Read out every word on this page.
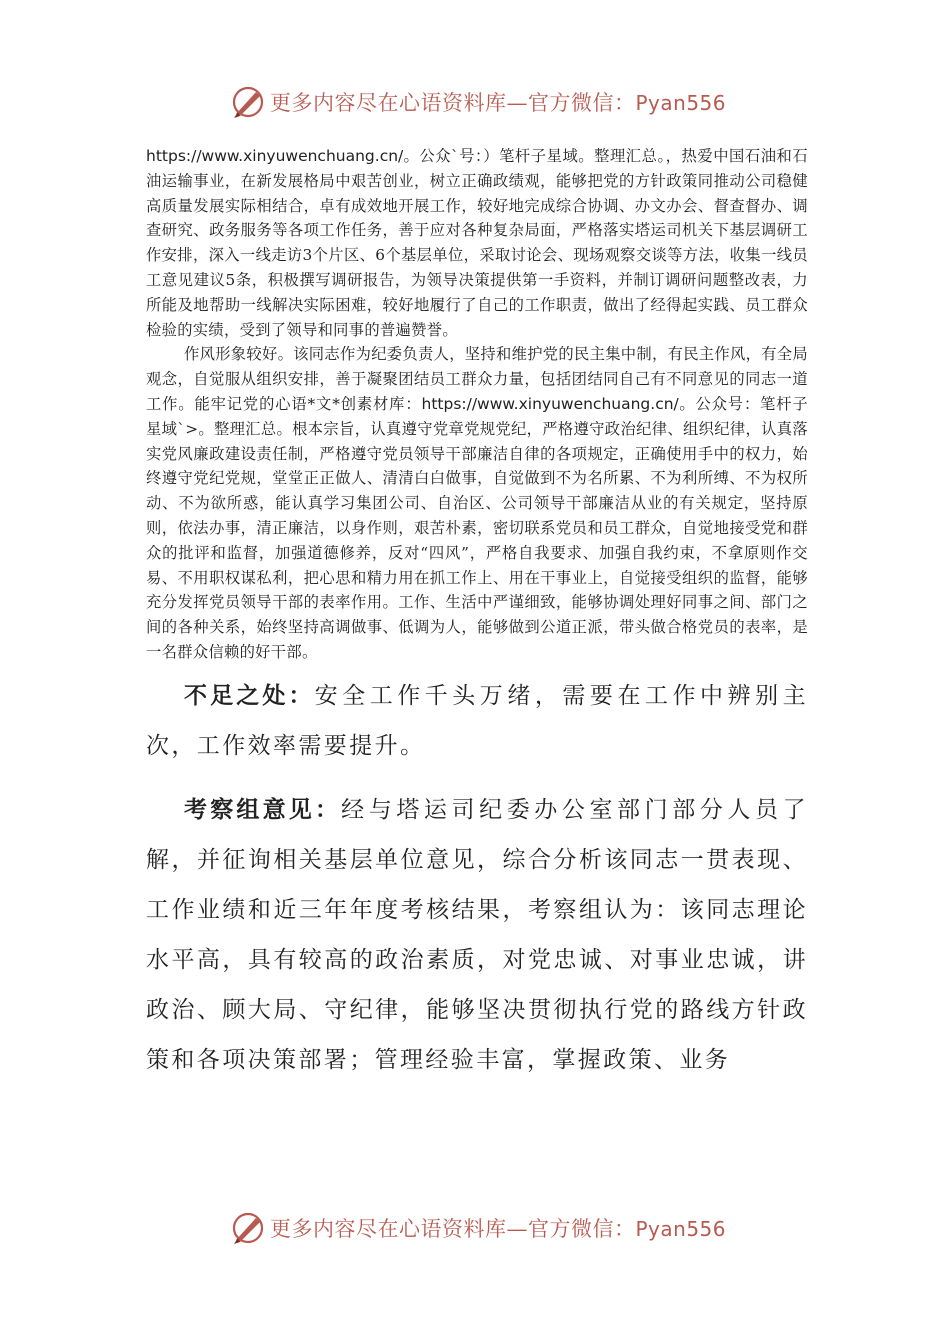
更多内容尽在心语资料库—官方微信：Pyan556

https://www.xinyuwenchuang.cn/。公众`号：）笔杆子星域。整理汇总。，热爱中国石油和石油运输事业，在新发展格局中艰苦创业，树立正确政绩观，能够把党的方针政策同推动公司稳健高质量发展实际相结合，卓有成效地开展工作，较好地完成综合协调、办文办会、督查督办、调查研究、政务服务等各项工作任务，善于应对各种复杂局面，严格落实塔运司机关下基层调研工作安排，深入一线走访3个片区、6个基层单位，采取讨论会、现场观察交谈等方法，收集一线员工意见建议5条，积极撰写调研报告，为领导决策提供第一手资料，并制订调研问题整改表，力所能及地帮助一线解决实际困难，较好地履行了自己的工作职责，做出了经得起实践、员工群众检验的实绩，受到了领导和同事的普遍赞誉。

作风形象较好。该同志作为纪委负责人，坚持和维护党的民主集中制，有民主作风，有全局观念，自觉服从组织安排，善于凝聚团结员工群众力量，包括团结同自己有不同意见的同志一道工作。能牢记党的心语*文*创素材库：https://www.xinyuwenchuang.cn/。公众号：笔杆子星域`>。整理汇总。根本宗旨，认真遵守党章党规党纪，严格遵守政治纪律、组织纪律，认真落实党风廉政建设责任制，严格遵守党员领导干部廉洁自律的各项规定，正确使用手中的权力，始终遵守党纪党规，堂堂正正做人、清清白白做事，自觉做到不为名所累、不为利所缚、不为权所动、不为欲所惑，能认真学习集团公司、自治区、公司领导干部廉洁从业的有关规定，坚持原则，依法办事，清正廉洁，以身作则，艰苦朴素，密切联系党员和员工群众，自觉地接受党和群众的批评和监督，加强道德修养，反对“四风”，严格自我要求、加强自我约束，不拿原则作交易、不用职权谋私利，把心思和精力用在抓工作上、用在干事业上，自觉接受组织的监督，能够充分发挥党员领导干部的表率作用。工作、生活中严谨细致，能够协调处理好同事之间、部门之间的各种关系，始终坚持高调做事、低调为人，能够做到公道正派，带头做合格党员的表率，是一名群众信赖的好干部。

不足之处：安全工作千头万绪，需要在工作中辨别主次，工作效率需要提升。

考察组意见：经与塔运司纪委办公室部门部分人员了解，并征询相关基层单位意见，综合分析该同志一贯表现、工作业绩和近三年年度考核结果，考察组认为：该同志理论水平高，具有较高的政治素质，对党忠诚、对事业忠诚，讲政治、顾大局、守纪律，能够坚决贯彻执行党的路线方针政策和各项决策部署；管理经验丰富，掌握政策、业务

更多内容尽在心语资料库—官方微信：Pyan556
